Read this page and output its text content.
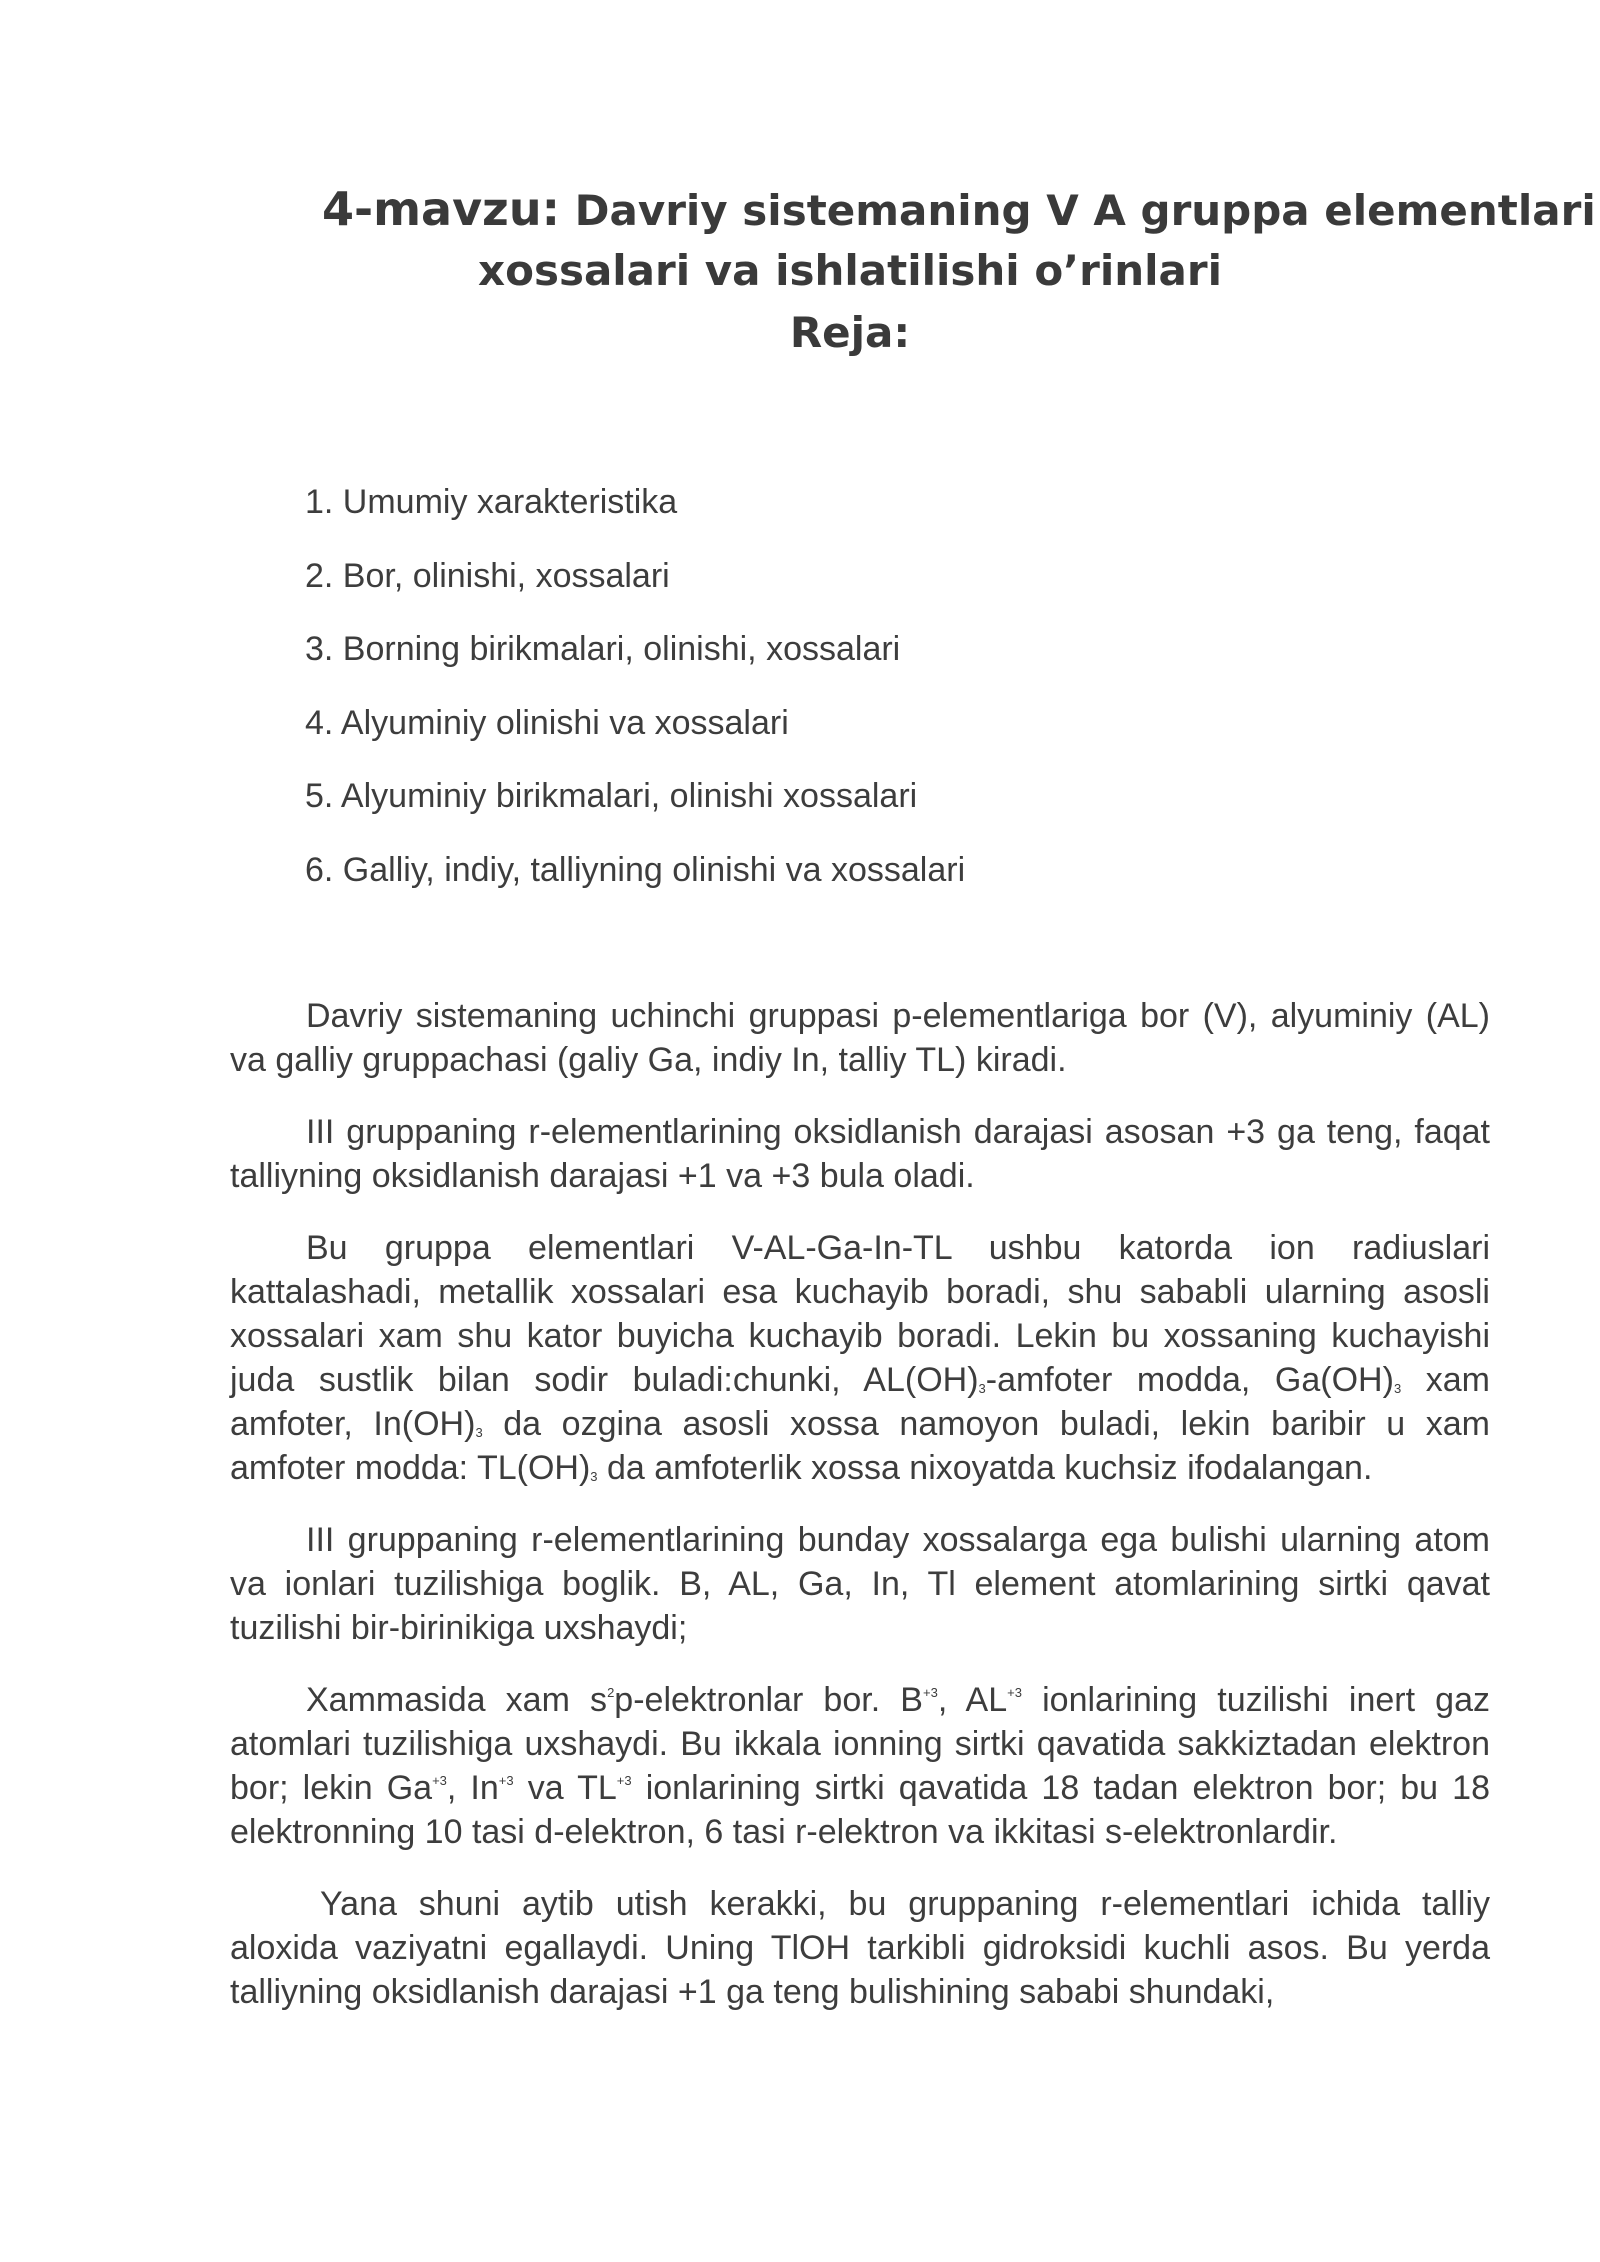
4-mavzu: Davriy sistemaning V A gruppa elementlari
xossalari va ishlatilishi o’rinlari
Reja:
1. Umumiy xarakteristika
2. Bor, olinishi, xossalari
3. Borning birikmalari, olinishi, xossalari
4. Alyuminiy olinishi va xossalari
5. Alyuminiy birikmalari, olinishi xossalari
6. Galliy, indiy, talliyning olinishi va xossalari

Davriy sistemaning uchinchi gruppasi p-elementlariga bor (V), alyuminiy (AL) va galliy gruppachasi (galiy Ga, indiy In, talliy TL) kiradi.

III gruppaning r-elementlarining oksidlanish darajasi asosan +3 ga teng, faqat talliyning oksidlanish darajasi +1 va +3 bula oladi.

Bu gruppa elementlari V-AL-Ga-In-TL ushbu katorda ion radiuslari kattalashadi, metallik xossalari esa kuchayib boradi, shu sababli ularning asosli xossalari xam shu kator buyicha kuchayib boradi. Lekin bu xossaning kuchayishi juda sustlik bilan sodir buladi:chunki, $AL(OH)_3$-amfoter modda, $Ga(OH)_3$ xam amfoter, $In(OH)_3$ da ozgina asosli xossa namoyon buladi, lekin baribir u xam amfoter modda: $TL(OH)_3$ da amfoterlik xossa nixoyatda kuchsiz ifodalangan.

III gruppaning r-elementlarining bunday xossalarga ega bulishi ularning atom va ionlari tuzilishiga boglik. B, AL, Ga, In, Tl element atomlarining sirtki qavat tuzilishi bir-birinikiga uxshaydi;

Xammasida xam $s^2p$-elektronlar bor. $B^{+3}$, $AL^{+3}$ ionlarining tuzilishi inert gaz atomlari tuzilishiga uxshaydi. Bu ikkala ionning sirtki qavatida sakkiztadan elektron bor; lekin $Ga^{+3}$, $In^{+3}$ va $TL^{+3}$ ionlarining sirtki qavatida 18 tadan elektron bor; bu 18 elektronning 10 tasi d-elektron, 6 tasi r-elektron va ikkitasi s-elektronlardir.

Yana shuni aytib utish kerakki, bu gruppaning r-elementlari ichida talliy aloxida vaziyatni egallaydi. Uning TlOH tarkibli gidroksidi kuchli asos. Bu yerda talliyning oksidlanish darajasi +1 ga teng bulishining sababi shundaki,
